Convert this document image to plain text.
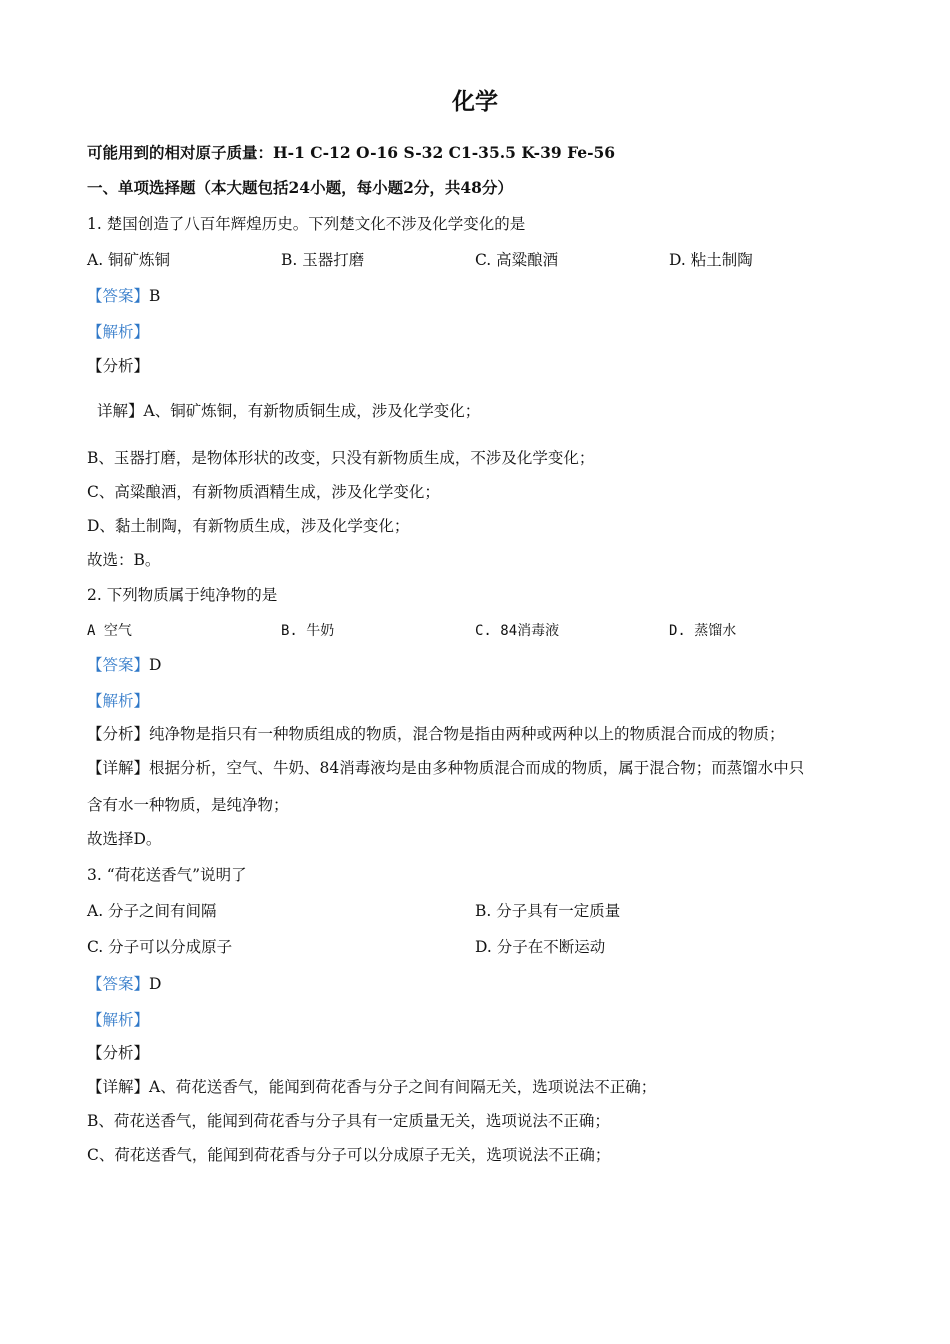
化学
可能用到的相对原子质量：H-1 C-12 O-16 S-32 C1-35.5 K-39 Fe-56
一、单项选择题（本大题包括24小题，每小题2分，共48分）
1. 楚国创造了八百年辉煌历史。下列楚文化不涉及化学变化的是
A. 铜矿炼铜	B. 玉器打磨	C. 高粱酿酒	D. 粘土制陶
【答案】B
【解析】
【分析】
详解】A、铜矿炼铜，有新物质铜生成，涉及化学变化；
B、玉器打磨，是物体形状的改变，只没有新物质生成，不涉及化学变化；
C、高粱酿酒，有新物质酒精生成，涉及化学变化；
D、黏土制陶，有新物质生成，涉及化学变化；
故选：B。
2. 下列物质属于纯净物的是
A 空气	B. 牛奶	C. 84消毒液	D. 蒸馏水
【答案】D
【解析】
【分析】纯净物是指只有一种物质组成的物质，混合物是指由两种或两种以上的物质混合而成的物质；
【详解】根据分析，空气、牛奶、84消毒液均是由多种物质混合而成的物质，属于混合物；而蒸馏水中只
含有水一种物质，是纯净物；
故选择D。
3. “荷花送香气”说明了
A. 分子之间有间隔	B. 分子具有一定质量
C. 分子可以分成原子	D. 分子在不断运动
【答案】D
【解析】
【分析】
【详解】A、荷花送香气，能闻到荷花香与分子之间有间隔无关，选项说法不正确；
B、荷花送香气，能闻到荷花香与分子具有一定质量无关，选项说法不正确；
C、荷花送香气，能闻到荷花香与分子可以分成原子无关，选项说法不正确；
